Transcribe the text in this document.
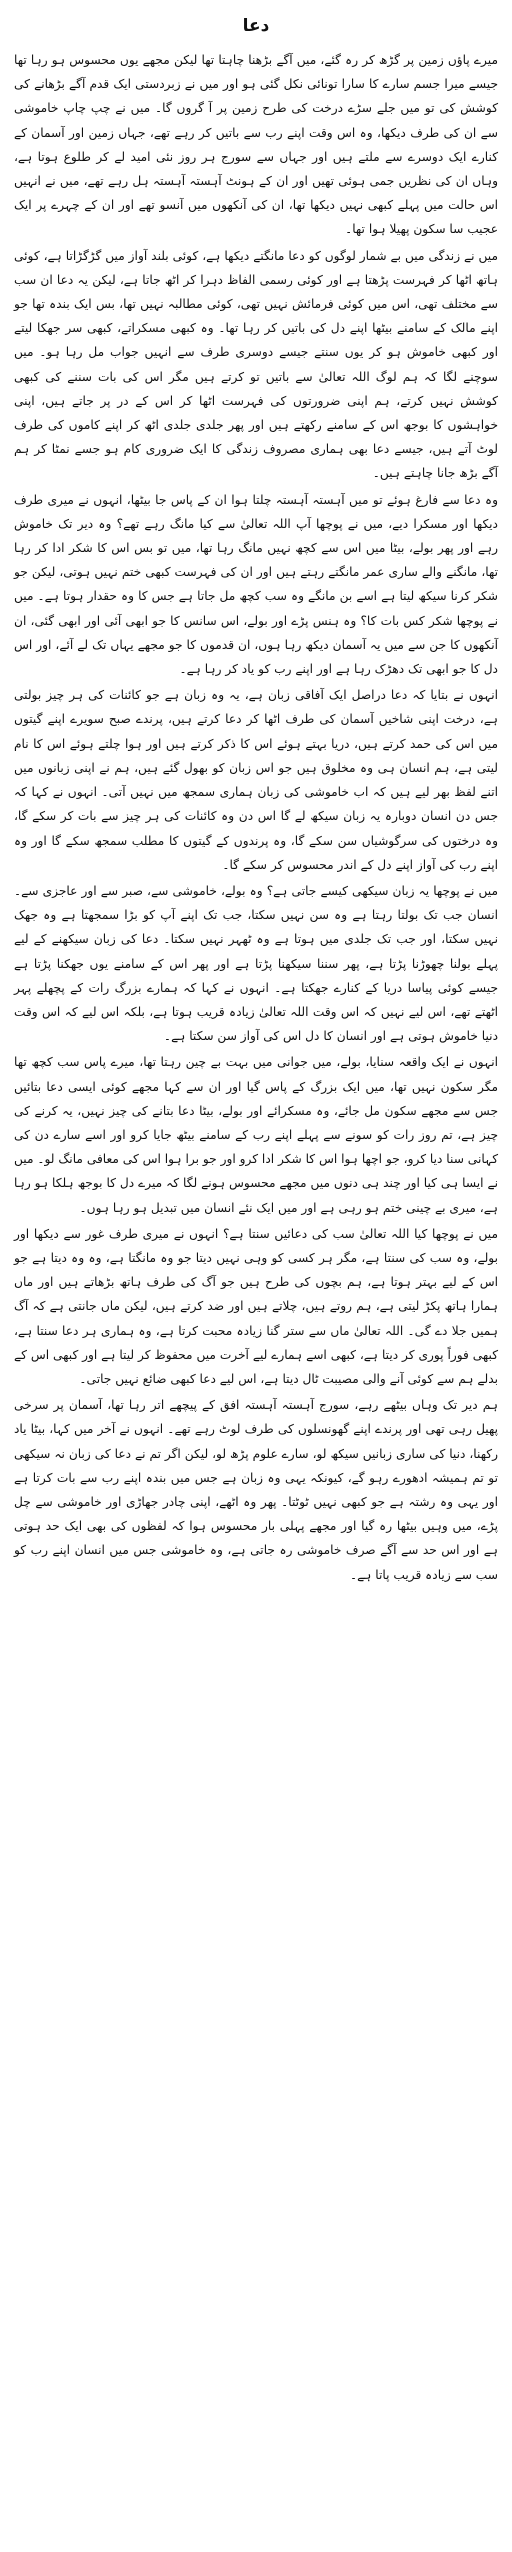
دعا

میرے پاؤں زمین پر گڑھ کر رہ گئے، میں آگے بڑھنا چاہتا تھا لیکن مجھے یوں محسوس ہو رہا تھا جیسے میرا جسم سارے کا سارا تونائی نکل گئی ہو اور میں نے زبردستی ایک قدم آگے بڑھانے کی کوشش کی تو میں جلے سڑے درخت کی طرح زمین پر آ گروں گا۔ میں نے چپ چاپ خاموشی سے ان کی طرف دیکھا، وہ اس وقت اپنے رب سے باتیں کر رہے تھے، جہاں زمین اور آسمان کے کنارے ایک دوسرے سے ملتے ہیں اور جہاں سے سورج ہر روز نئی امید لے کر طلوع ہوتا ہے، وہاں ان کی نظریں جمی ہوئی تھیں اور ان کے ہونٹ آہستہ آہستہ ہل رہے تھے، میں نے انہیں اس حالت میں پہلے کبھی نہیں دیکھا تھا، ان کی آنکھوں میں آنسو تھے اور ان کے چہرے پر ایک عجیب سا سکون پھیلا ہوا تھا۔

میں نے زندگی میں بے شمار لوگوں کو دعا مانگتے دیکھا ہے، کوئی بلند آواز میں گڑگڑاتا ہے، کوئی ہاتھ اٹھا کر فہرست پڑھتا ہے اور کوئی رسمی الفاظ دہرا کر اٹھ جاتا ہے، لیکن یہ دعا ان سب سے مختلف تھی، اس میں کوئی فرمائش نہیں تھی، کوئی مطالبہ نہیں تھا، بس ایک بندہ تھا جو اپنے مالک کے سامنے بیٹھا اپنے دل کی باتیں کر رہا تھا۔ وہ کبھی مسکراتے، کبھی سر جھکا لیتے اور کبھی خاموش ہو کر یوں سنتے جیسے دوسری طرف سے انہیں جواب مل رہا ہو۔ میں سوچنے لگا کہ ہم لوگ اللہ تعالیٰ سے باتیں تو کرتے ہیں مگر اس کی بات سننے کی کبھی کوشش نہیں کرتے، ہم اپنی ضرورتوں کی فہرست اٹھا کر اس کے در پر جاتے ہیں، اپنی خواہشوں کا بوجھ اس کے سامنے رکھتے ہیں اور پھر جلدی جلدی اٹھ کر اپنے کاموں کی طرف لوٹ آتے ہیں، جیسے دعا بھی ہماری مصروف زندگی کا ایک ضروری کام ہو جسے نمٹا کر ہم آگے بڑھ جانا چاہتے ہیں۔

وہ دعا سے فارغ ہوئے تو میں آہستہ آہستہ چلتا ہوا ان کے پاس جا بیٹھا، انہوں نے میری طرف دیکھا اور مسکرا دیے، میں نے پوچھا آپ اللہ تعالیٰ سے کیا مانگ رہے تھے؟ وہ دیر تک خاموش رہے اور پھر بولے، بیٹا میں اس سے کچھ نہیں مانگ رہا تھا، میں تو بس اس کا شکر ادا کر رہا تھا، مانگنے والے ساری عمر مانگتے رہتے ہیں اور ان کی فہرست کبھی ختم نہیں ہوتی، لیکن جو شکر کرنا سیکھ لیتا ہے اسے بن مانگے وہ سب کچھ مل جاتا ہے جس کا وہ حقدار ہوتا ہے۔ میں نے پوچھا شکر کس بات کا؟ وہ ہنس پڑے اور بولے، اس سانس کا جو ابھی آئی اور ابھی گئی، ان آنکھوں کا جن سے میں یہ آسمان دیکھ رہا ہوں، ان قدموں کا جو مجھے یہاں تک لے آئے، اور اس دل کا جو ابھی تک دھڑک رہا ہے اور اپنے رب کو یاد کر رہا ہے۔

انہوں نے بتایا کہ دعا دراصل ایک آفاقی زبان ہے، یہ وہ زبان ہے جو کائنات کی ہر چیز بولتی ہے، درخت اپنی شاخیں آسمان کی طرف اٹھا کر دعا کرتے ہیں، پرندے صبح سویرے اپنے گیتوں میں اس کی حمد کرتے ہیں، دریا بہتے ہوئے اس کا ذکر کرتے ہیں اور ہوا چلتے ہوئے اس کا نام لیتی ہے، ہم انسان ہی وہ مخلوق ہیں جو اس زبان کو بھول گئے ہیں، ہم نے اپنی زبانوں میں اتنے لفظ بھر لیے ہیں کہ اب خاموشی کی زبان ہماری سمجھ میں نہیں آتی۔ انہوں نے کہا کہ جس دن انسان دوبارہ یہ زبان سیکھ لے گا اس دن وہ کائنات کی ہر چیز سے بات کر سکے گا، وہ درختوں کی سرگوشیاں سن سکے گا، وہ پرندوں کے گیتوں کا مطلب سمجھ سکے گا اور وہ اپنے رب کی آواز اپنے دل کے اندر محسوس کر سکے گا۔

میں نے پوچھا یہ زبان سیکھی کیسے جاتی ہے؟ وہ بولے، خاموشی سے، صبر سے اور عاجزی سے۔ انسان جب تک بولتا رہتا ہے وہ سن نہیں سکتا، جب تک اپنے آپ کو بڑا سمجھتا ہے وہ جھک نہیں سکتا، اور جب تک جلدی میں ہوتا ہے وہ ٹھہر نہیں سکتا۔ دعا کی زبان سیکھنے کے لیے پہلے بولنا چھوڑنا پڑتا ہے، پھر سننا سیکھنا پڑتا ہے اور پھر اس کے سامنے یوں جھکنا پڑتا ہے جیسے کوئی پیاسا دریا کے کنارے جھکتا ہے۔ انہوں نے کہا کہ ہمارے بزرگ رات کے پچھلے پہر اٹھتے تھے، اس لیے نہیں کہ اس وقت اللہ تعالیٰ زیادہ قریب ہوتا ہے، بلکہ اس لیے کہ اس وقت دنیا خاموش ہوتی ہے اور انسان کا دل اس کی آواز سن سکتا ہے۔

انہوں نے ایک واقعہ سنایا، بولے، میں جوانی میں بہت بے چین رہتا تھا، میرے پاس سب کچھ تھا مگر سکون نہیں تھا، میں ایک بزرگ کے پاس گیا اور ان سے کہا مجھے کوئی ایسی دعا بتائیں جس سے مجھے سکون مل جائے، وہ مسکرائے اور بولے، بیٹا دعا بتانے کی چیز نہیں، یہ کرنے کی چیز ہے، تم روز رات کو سونے سے پہلے اپنے رب کے سامنے بیٹھ جایا کرو اور اسے سارے دن کی کہانی سنا دیا کرو، جو اچھا ہوا اس کا شکر ادا کرو اور جو برا ہوا اس کی معافی مانگ لو۔ میں نے ایسا ہی کیا اور چند ہی دنوں میں مجھے محسوس ہونے لگا کہ میرے دل کا بوجھ ہلکا ہو رہا ہے، میری بے چینی ختم ہو رہی ہے اور میں ایک نئے انسان میں تبدیل ہو رہا ہوں۔

میں نے پوچھا کیا اللہ تعالیٰ سب کی دعائیں سنتا ہے؟ انہوں نے میری طرف غور سے دیکھا اور بولے، وہ سب کی سنتا ہے، مگر ہر کسی کو وہی نہیں دیتا جو وہ مانگتا ہے، وہ وہ دیتا ہے جو اس کے لیے بہتر ہوتا ہے، ہم بچوں کی طرح ہیں جو آگ کی طرف ہاتھ بڑھاتے ہیں اور ماں ہمارا ہاتھ پکڑ لیتی ہے، ہم روتے ہیں، چلاتے ہیں اور ضد کرتے ہیں، لیکن ماں جانتی ہے کہ آگ ہمیں جلا دے گی۔ اللہ تعالیٰ ماں سے ستر گنا زیادہ محبت کرتا ہے، وہ ہماری ہر دعا سنتا ہے، کبھی فوراً پوری کر دیتا ہے، کبھی اسے ہمارے لیے آخرت میں محفوظ کر لیتا ہے اور کبھی اس کے بدلے ہم سے کوئی آنے والی مصیبت ٹال دیتا ہے، اس لیے دعا کبھی ضائع نہیں جاتی۔

ہم دیر تک وہاں بیٹھے رہے، سورج آہستہ آہستہ افق کے پیچھے اتر رہا تھا، آسمان پر سرخی پھیل رہی تھی اور پرندے اپنے گھونسلوں کی طرف لوٹ رہے تھے۔ انہوں نے آخر میں کہا، بیٹا یاد رکھنا، دنیا کی ساری زبانیں سیکھ لو، سارے علوم پڑھ لو، لیکن اگر تم نے دعا کی زبان نہ سیکھی تو تم ہمیشہ ادھورے رہو گے، کیونکہ یہی وہ زبان ہے جس میں بندہ اپنے رب سے بات کرتا ہے اور یہی وہ رشتہ ہے جو کبھی نہیں ٹوٹتا۔ پھر وہ اٹھے، اپنی چادر جھاڑی اور خاموشی سے چل پڑے، میں وہیں بیٹھا رہ گیا اور مجھے پہلی بار محسوس ہوا کہ لفظوں کی بھی ایک حد ہوتی ہے اور اس حد سے آگے صرف خاموشی رہ جاتی ہے، وہ خاموشی جس میں انسان اپنے رب کو سب سے زیادہ قریب پاتا ہے۔
